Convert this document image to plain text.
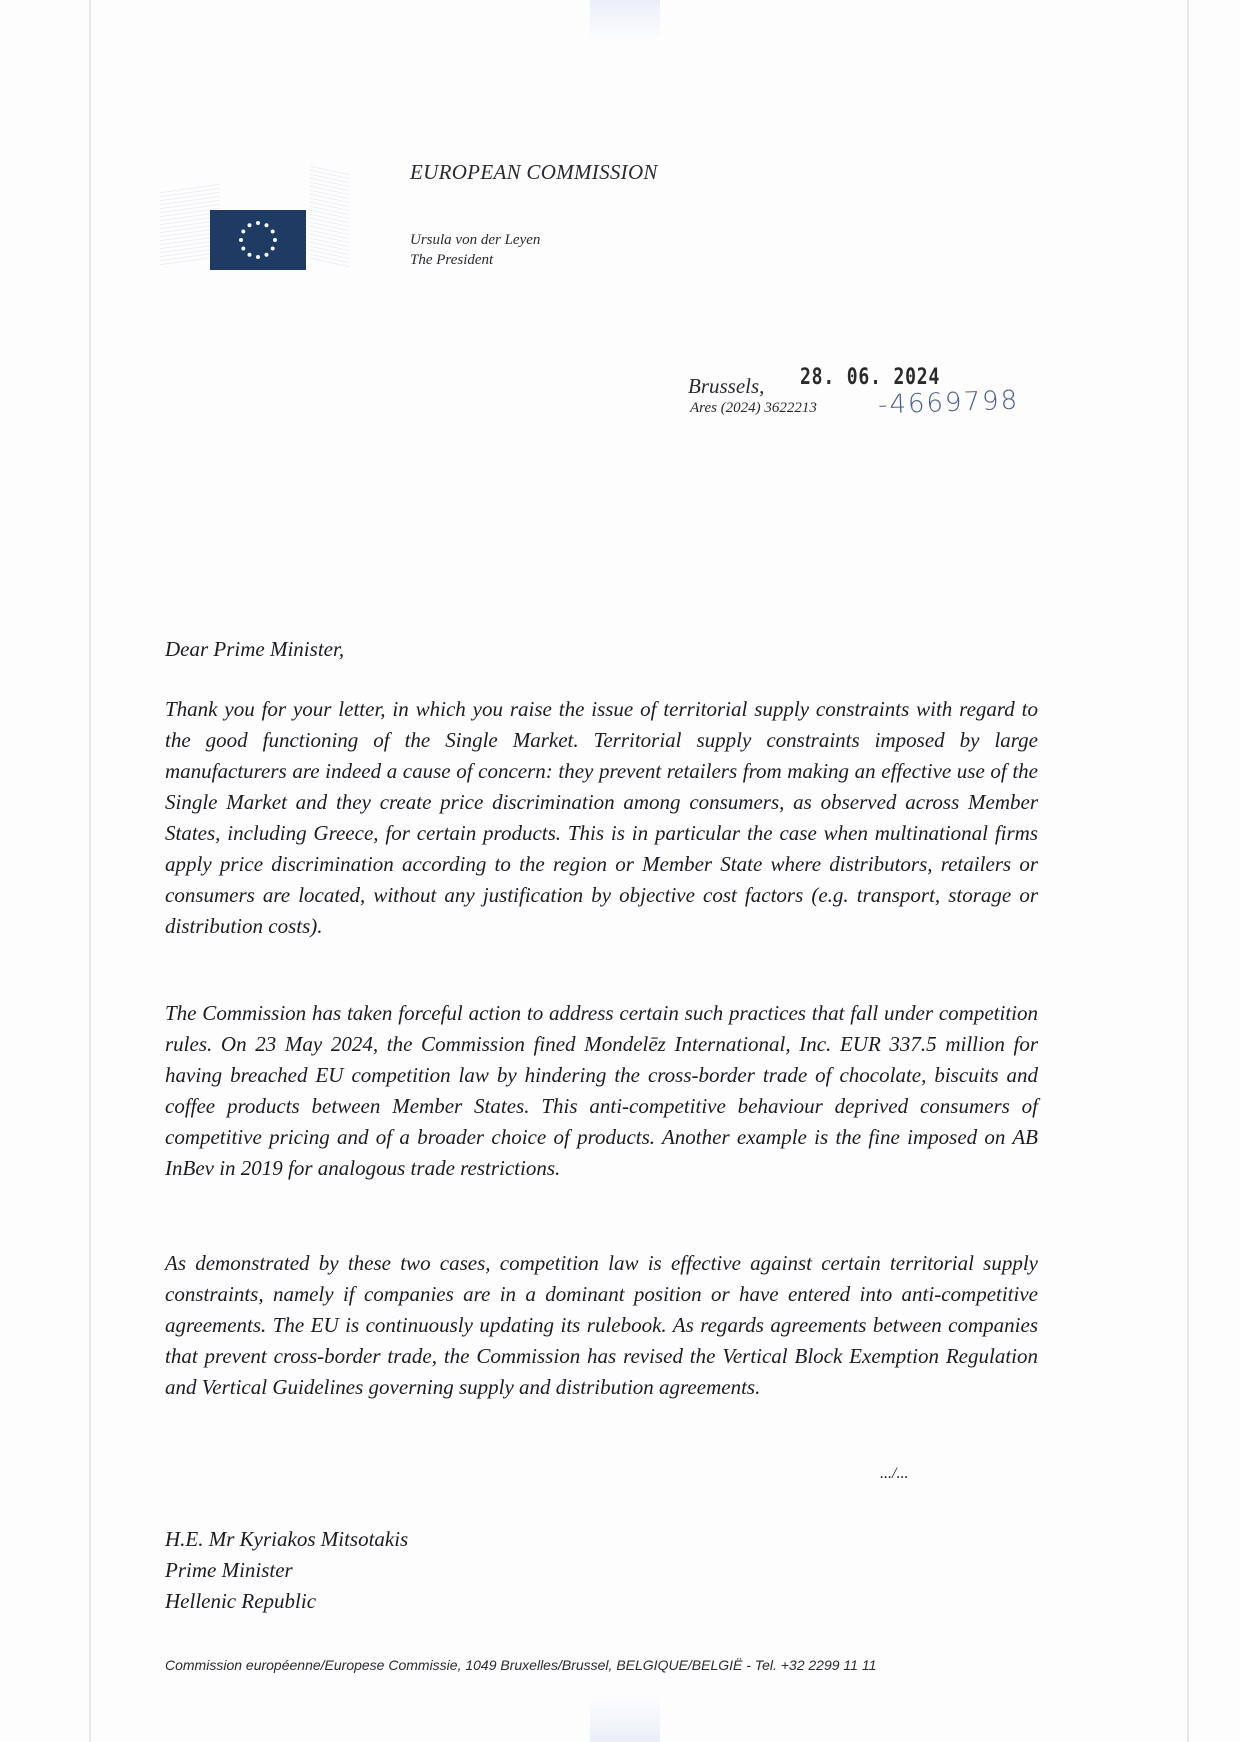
EUROPEAN COMMISSION
Ursula von der Leyen
The President
Brussels, 28. 06. 2024
Ares (2024) 3622213 -4669798
Dear Prime Minister,

Thank you for your letter, in which you raise the issue of territorial supply constraints with regard to the good functioning of the Single Market. Territorial supply constraints imposed by large manufacturers are indeed a cause of concern: they prevent retailers from making an effective use of the Single Market and they create price discrimination among consumers, as observed across Member States, including Greece, for certain products. This is in particular the case when multinational firms apply price discrimination according to the region or Member State where distributors, retailers or consumers are located, without any justification by objective cost factors (e.g. transport, storage or distribution costs).

The Commission has taken forceful action to address certain such practices that fall under competition rules. On 23 May 2024, the Commission fined Mondelēz International, Inc. EUR 337.5 million for having breached EU competition law by hindering the cross-border trade of chocolate, biscuits and coffee products between Member States. This anti-competitive behaviour deprived consumers of competitive pricing and of a broader choice of products. Another example is the fine imposed on AB InBev in 2019 for analogous trade restrictions.

As demonstrated by these two cases, competition law is effective against certain territorial supply constraints, namely if companies are in a dominant position or have entered into anti-competitive agreements. The EU is continuously updating its rulebook. As regards agreements between companies that prevent cross-border trade, the Commission has revised the Vertical Block Exemption Regulation and Vertical Guidelines governing supply and distribution agreements.

.../...
H.E. Mr Kyriakos Mitsotakis
Prime Minister
Hellenic Republic
Commission européenne/Europese Commissie, 1049 Bruxelles/Brussel, BELGIQUE/BELGIË - Tel. +32 2299 11 11
